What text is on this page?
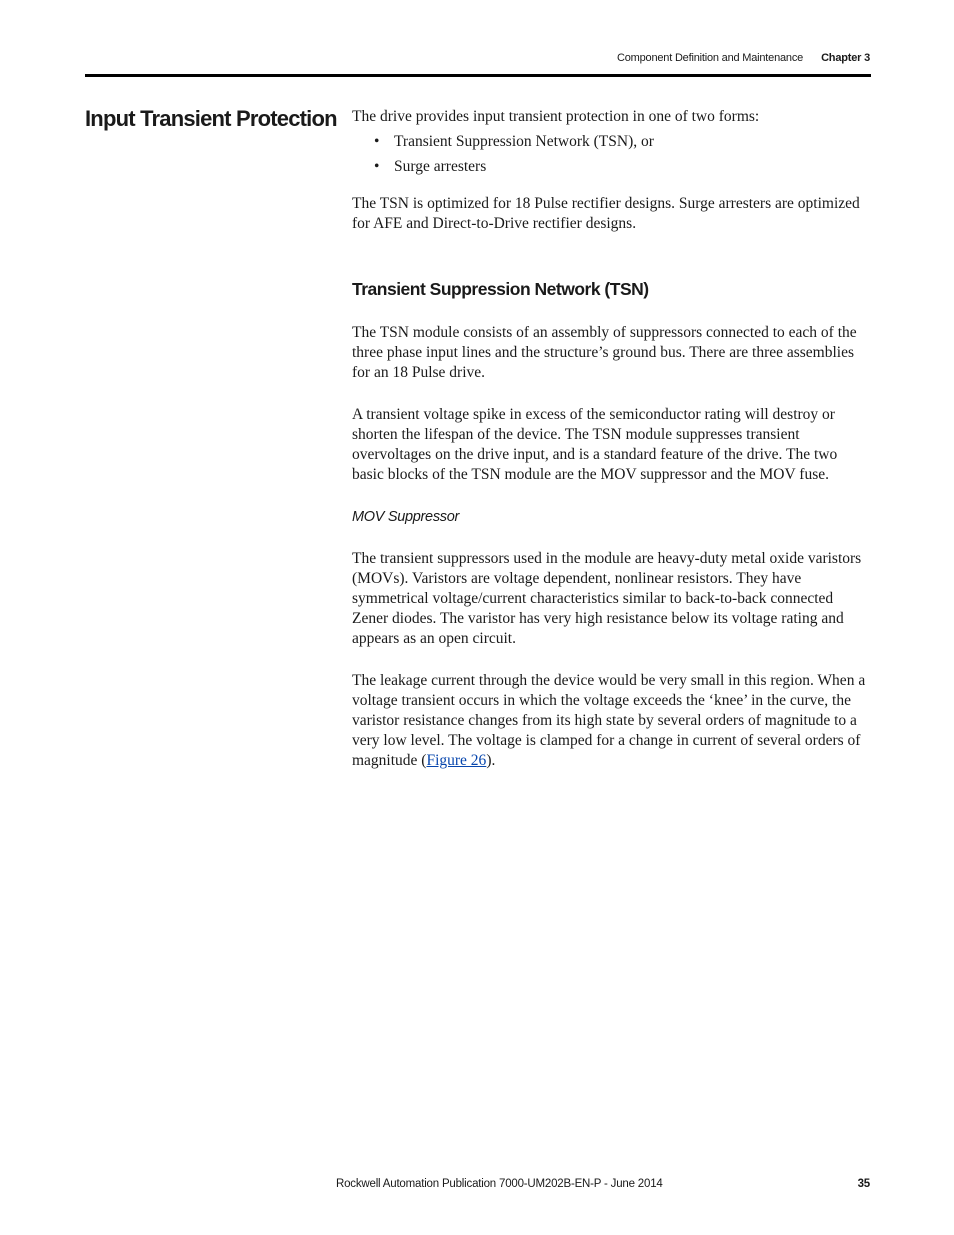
Component Definition and Maintenance Chapter 3
Input Transient Protection The drive provides input transient protection in one of two forms:

• Transient Suppression Network (TSN), or
• Surge arresters

The TSN is optimized for 18 Pulse rectifier designs. Surge arresters are optimized for AFE and Direct-to-Drive rectifier designs.

Transient Suppression Network (TSN)

The TSN module consists of an assembly of suppressors connected to each of the three phase input lines and the structure’s ground bus. There are three assemblies for an 18 Pulse drive.

A transient voltage spike in excess of the semiconductor rating will destroy or shorten the lifespan of the device. The TSN module suppresses transient overvoltages on the drive input, and is a standard feature of the drive. The two basic blocks of the TSN module are the MOV suppressor and the MOV fuse.

MOV Suppressor

The transient suppressors used in the module are heavy-duty metal oxide varistors (MOVs). Varistors are voltage dependent, nonlinear resistors. They have symmetrical voltage/current characteristics similar to back-to-back connected Zener diodes. The varistor has very high resistance below its voltage rating and appears as an open circuit.

The leakage current through the device would be very small in this region. When a voltage transient occurs in which the voltage exceeds the ‘knee’ in the curve, the varistor resistance changes from its high state by several orders of magnitude to a very low level. The voltage is clamped for a change in current of several orders of magnitude (Figure 26).

Rockwell Automation Publication 7000-UM202B-EN-P - June 2014	35
